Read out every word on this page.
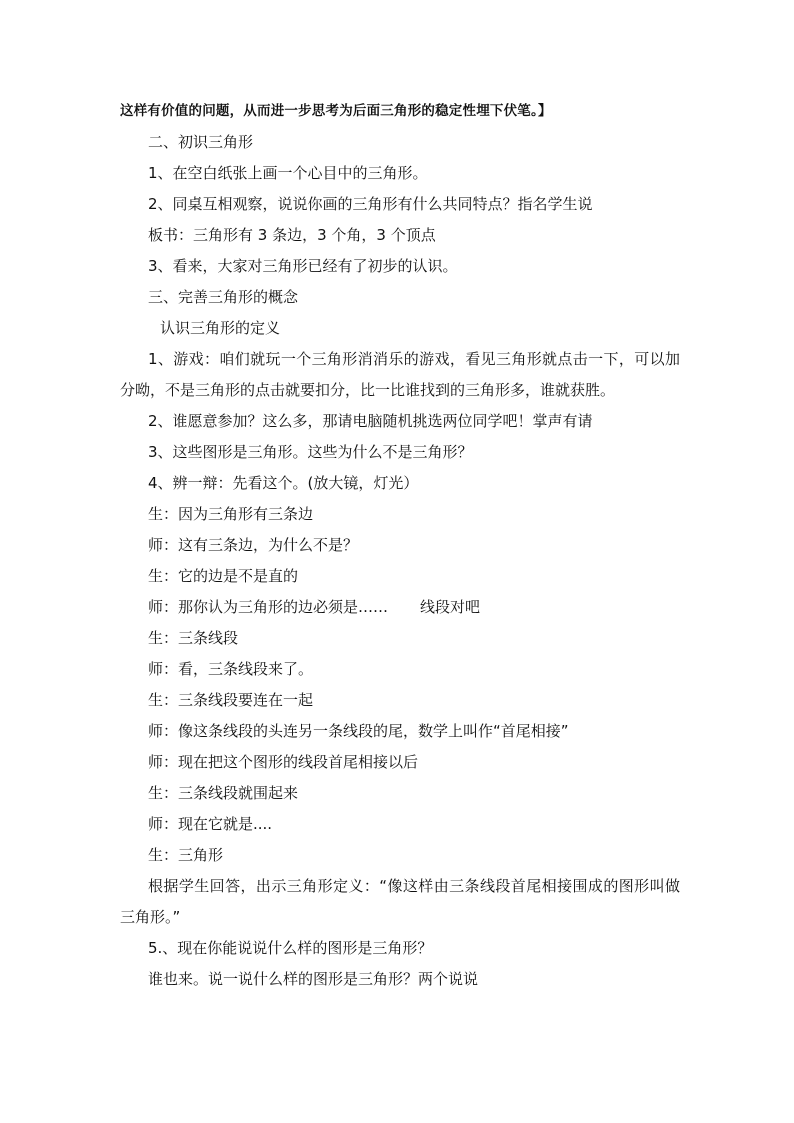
这样有价值的问题，从而进一步思考为后面三角形的稳定性埋下伏笔。】
二、初识三角形
1、在空白纸张上画一个心目中的三角形。
2、同桌互相观察，说说你画的三角形有什么共同特点？指名学生说
板书：三角形有 3 条边，3 个角，3 个顶点
3、看来，大家对三角形已经有了初步的认识。
三、完善三角形的概念
认识三角形的定义
1、游戏：咱们就玩一个三角形消消乐的游戏，看见三角形就点击一下，可以加分呦，不是三角形的点击就要扣分，比一比谁找到的三角形多，谁就获胜。
2、谁愿意参加？这么多，那请电脑随机挑选两位同学吧！掌声有请
3、这些图形是三角形。这些为什么不是三角形？
4、辨一辩：先看这个。(放大镜，灯光）
生：因为三角形有三条边
师：这有三条边，为什么不是？
生：它的边是不是直的
师：那你认为三角形的边必须是…… 线段对吧
生：三条线段
师：看，三条线段来了。
生：三条线段要连在一起
师：像这条线段的头连另一条线段的尾，数学上叫作“首尾相接”
师：现在把这个图形的线段首尾相接以后
生：三条线段就围起来
师：现在它就是....
生：三角形
根据学生回答，出示三角形定义：“像这样由三条线段首尾相接围成的图形叫做三角形。”
5.、现在你能说说什么样的图形是三角形？
谁也来。说一说什么样的图形是三角形？两个说说
